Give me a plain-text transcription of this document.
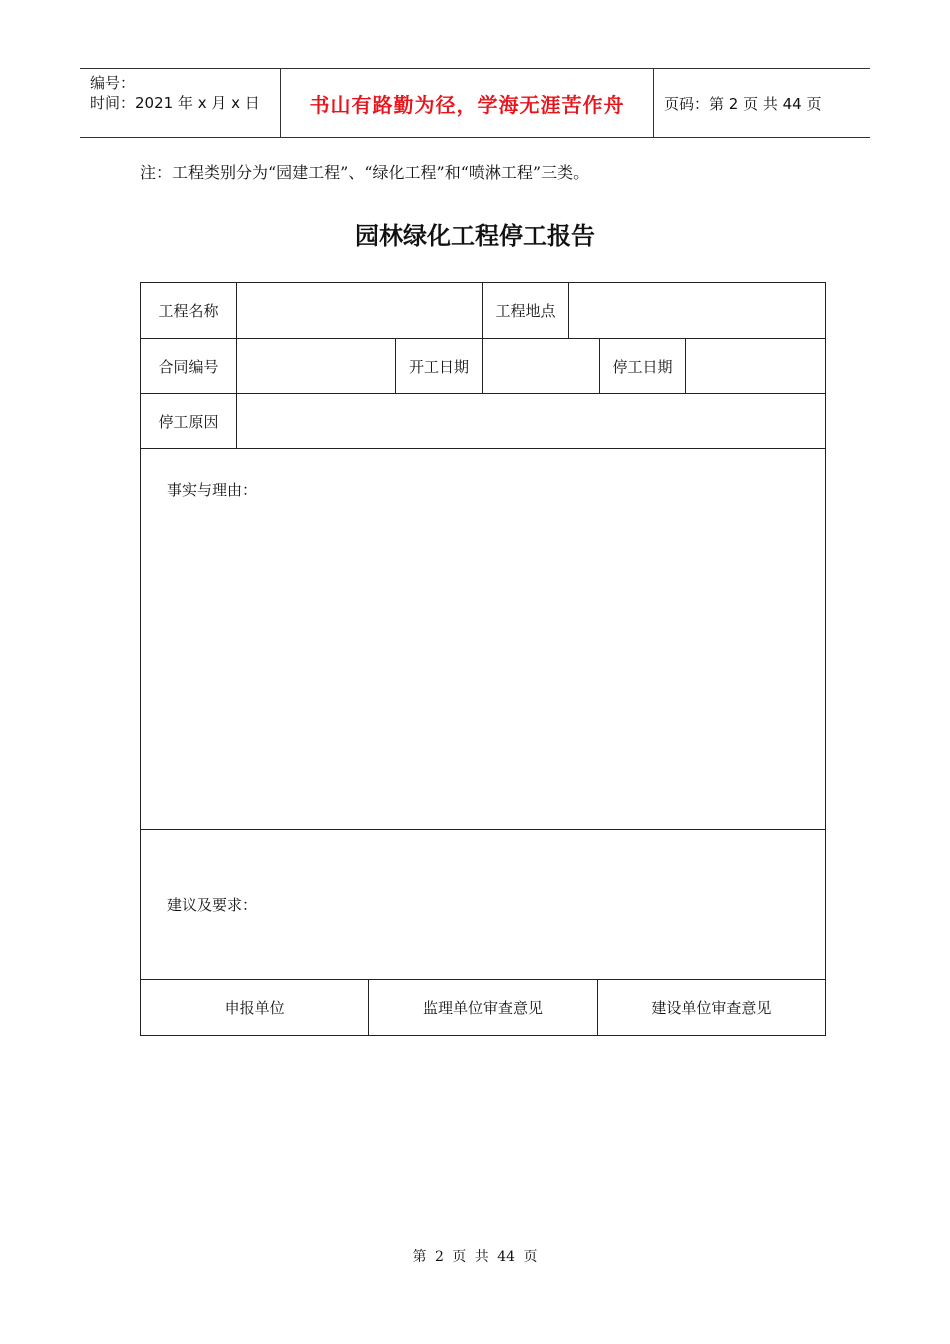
编号：
时间：2021 年 x 月 x 日	书山有路勤为径，学海无涯苦作舟	页码：第 2 页 共 44 页
注：工程类别分为“园建工程”、“绿化工程”和“喷淋工程”三类。
园林绿化工程停工报告
工程名称	工程地点
合同编号	开工日期	停工日期
停工原因
事实与理由：
建议及要求：
申报单位	监理单位审查意见	建设单位审查意见
第 2 页 共 44 页
